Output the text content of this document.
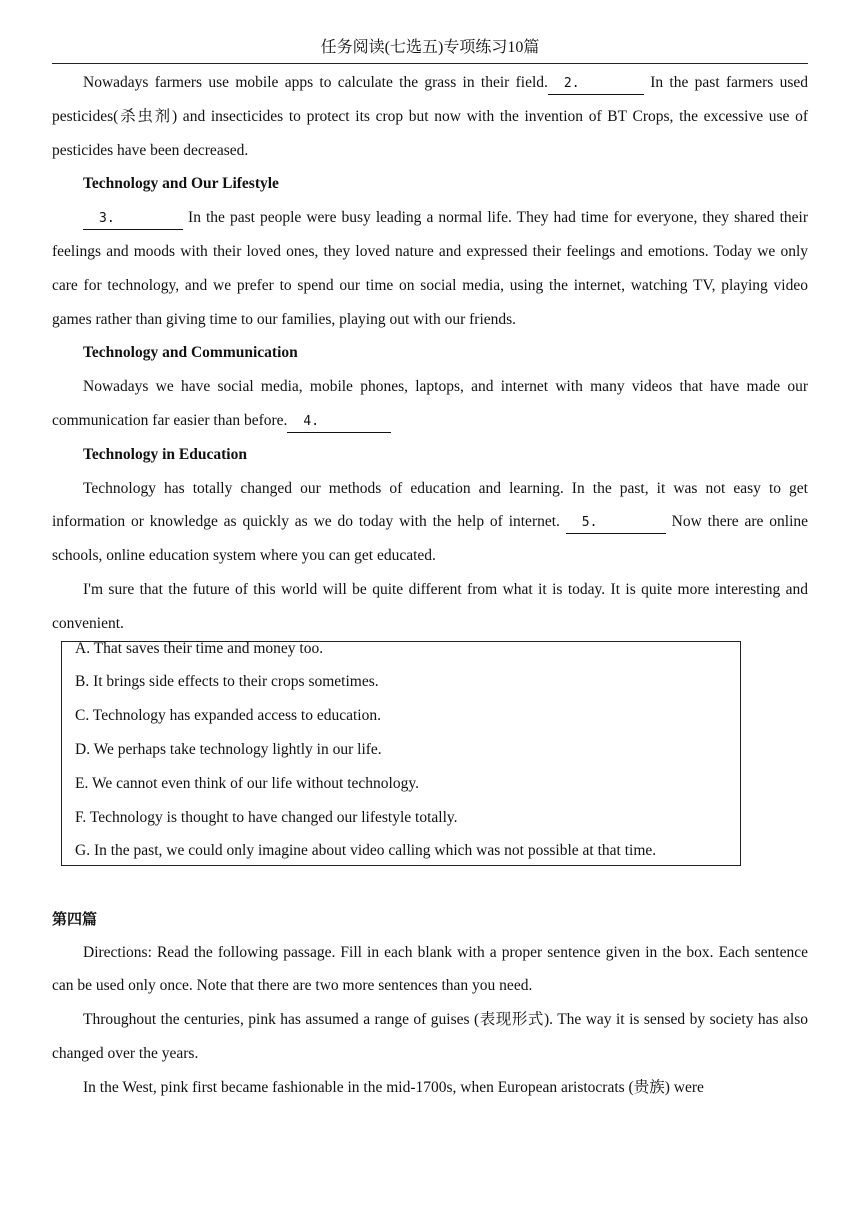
任务阅读(七选五)专项练习10篇

Nowadays farmers use mobile apps to calculate the grass in their field. 2.	In the past farmers used pesticides(杀虫剂) and insecticides to protect its crop but now with the invention of BT Crops, the excessive use of pesticides have been decreased.

Technology and Our Lifestyle

3.	In the past people were busy leading a normal life. They had time for everyone, they shared their feelings and moods with their loved ones, they loved nature and expressed their feelings and emotions. Today we only care for technology, and we prefer to spend our time on social media, using the internet, watching TV, playing video games rather than giving time to our families, playing out with our friends.

Technology and Communication

Nowadays we have social media, mobile phones, laptops, and internet with many videos that have made our communication far easier than before. 4.

Technology in Education

Technology has totally changed our methods of education and learning. In the past, it was not easy to get information or knowledge as quickly as we do today with the help of internet. 5.	Now there are online schools, online education system where you can get educated.

I'm sure that the future of this world will be quite different from what it is today. It is quite more interesting and convenient.

A. That saves their time and money too.
B. It brings side effects to their crops sometimes.
C. Technology has expanded access to education.
D. We perhaps take technology lightly in our life.
E. We cannot even think of our life without technology.
F. Technology is thought to have changed our lifestyle totally.
G. In the past, we could only imagine about video calling which was not possible at that time.

第四篇

Directions: Read the following passage. Fill in each blank with a proper sentence given in the box. Each sentence can be used only once. Note that there are two more sentences than you need.

Throughout the centuries, pink has assumed a range of guises (表现形式). The way it is sensed by society has also changed over the years.

In the West, pink first became fashionable in the mid-1700s, when European aristocrats (贵族) were
